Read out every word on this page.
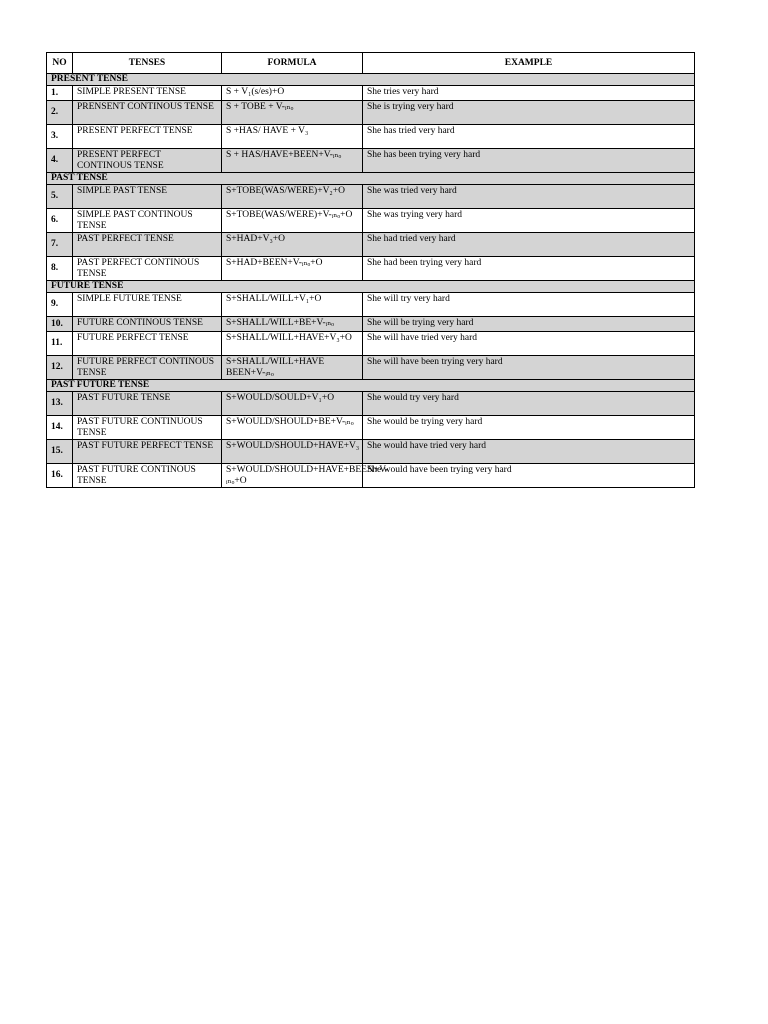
NO	TENSES	FORMULA	EXAMPLE
PRESENT TENSE			
1.	SIMPLE PRESENT TENSE	S + V₁(s/es)+O	She tries very hard
2.	PRENSENT CONTINOUS TENSE	S + TOBE + V-ᵢₙₒ	She is trying very hard
3.	PRESENT PERFECT TENSE	S +HAS/ HAVE + V₃	She has tried very hard
4.	PRESENT PERFECT CONTINOUS TENSE	S + HAS/HAVE+BEEN+V-ᵢₙₒ	She has been trying very hard
PAST TENSE			
5.	SIMPLE PAST TENSE	S+TOBE(WAS/WERE)+V₂+O	She was tried very hard
6.	SIMPLE PAST CONTINOUS TENSE	S+TOBE(WAS/WERE)+V-ᵢₙₒ+O	She was trying very hard
7.	PAST PERFECT TENSE	S+HAD+V₃+O	She had tried very hard
8.	PAST PERFECT CONTINOUS TENSE	S+HAD+BEEN+V-ᵢₙₒ+O	She had been trying very hard
FUTURE TENSE			
9.	SIMPLE FUTURE TENSE	S+SHALL/WILL+V₁+O	She will try very hard
10.	FUTURE CONTINOUS TENSE	S+SHALL/WILL+BE+V-ᵢₙₒ	She will be trying very hard
11.	FUTURE PERFECT TENSE	S+SHALL/WILL+HAVE+V₃+O	She will have tried very hard
12.	FUTURE PERFECT CONTINOUS TENSE	S+SHALL/WILL+HAVE BEEN+V-ᵢₙₒ	She will have been trying very hard
PAST FUTURE TENSE			
13.	PAST FUTURE TENSE	S+WOULD/SOULD+V₁+O	She would try very hard
14.	PAST FUTURE CONTINUOUS TENSE	S+WOULD/SHOULD+BE+V-ᵢₙₒ	She would be trying very hard
15.	PAST FUTURE PERFECT TENSE	S+WOULD/SHOULD+HAVE+V₃	She would have tried very hard
16.	PAST FUTURE CONTINOUS TENSE	S+WOULD/SHOULD+HAVE+BEEN+V-ᵢₙₒ+O	She would have been trying very hard
